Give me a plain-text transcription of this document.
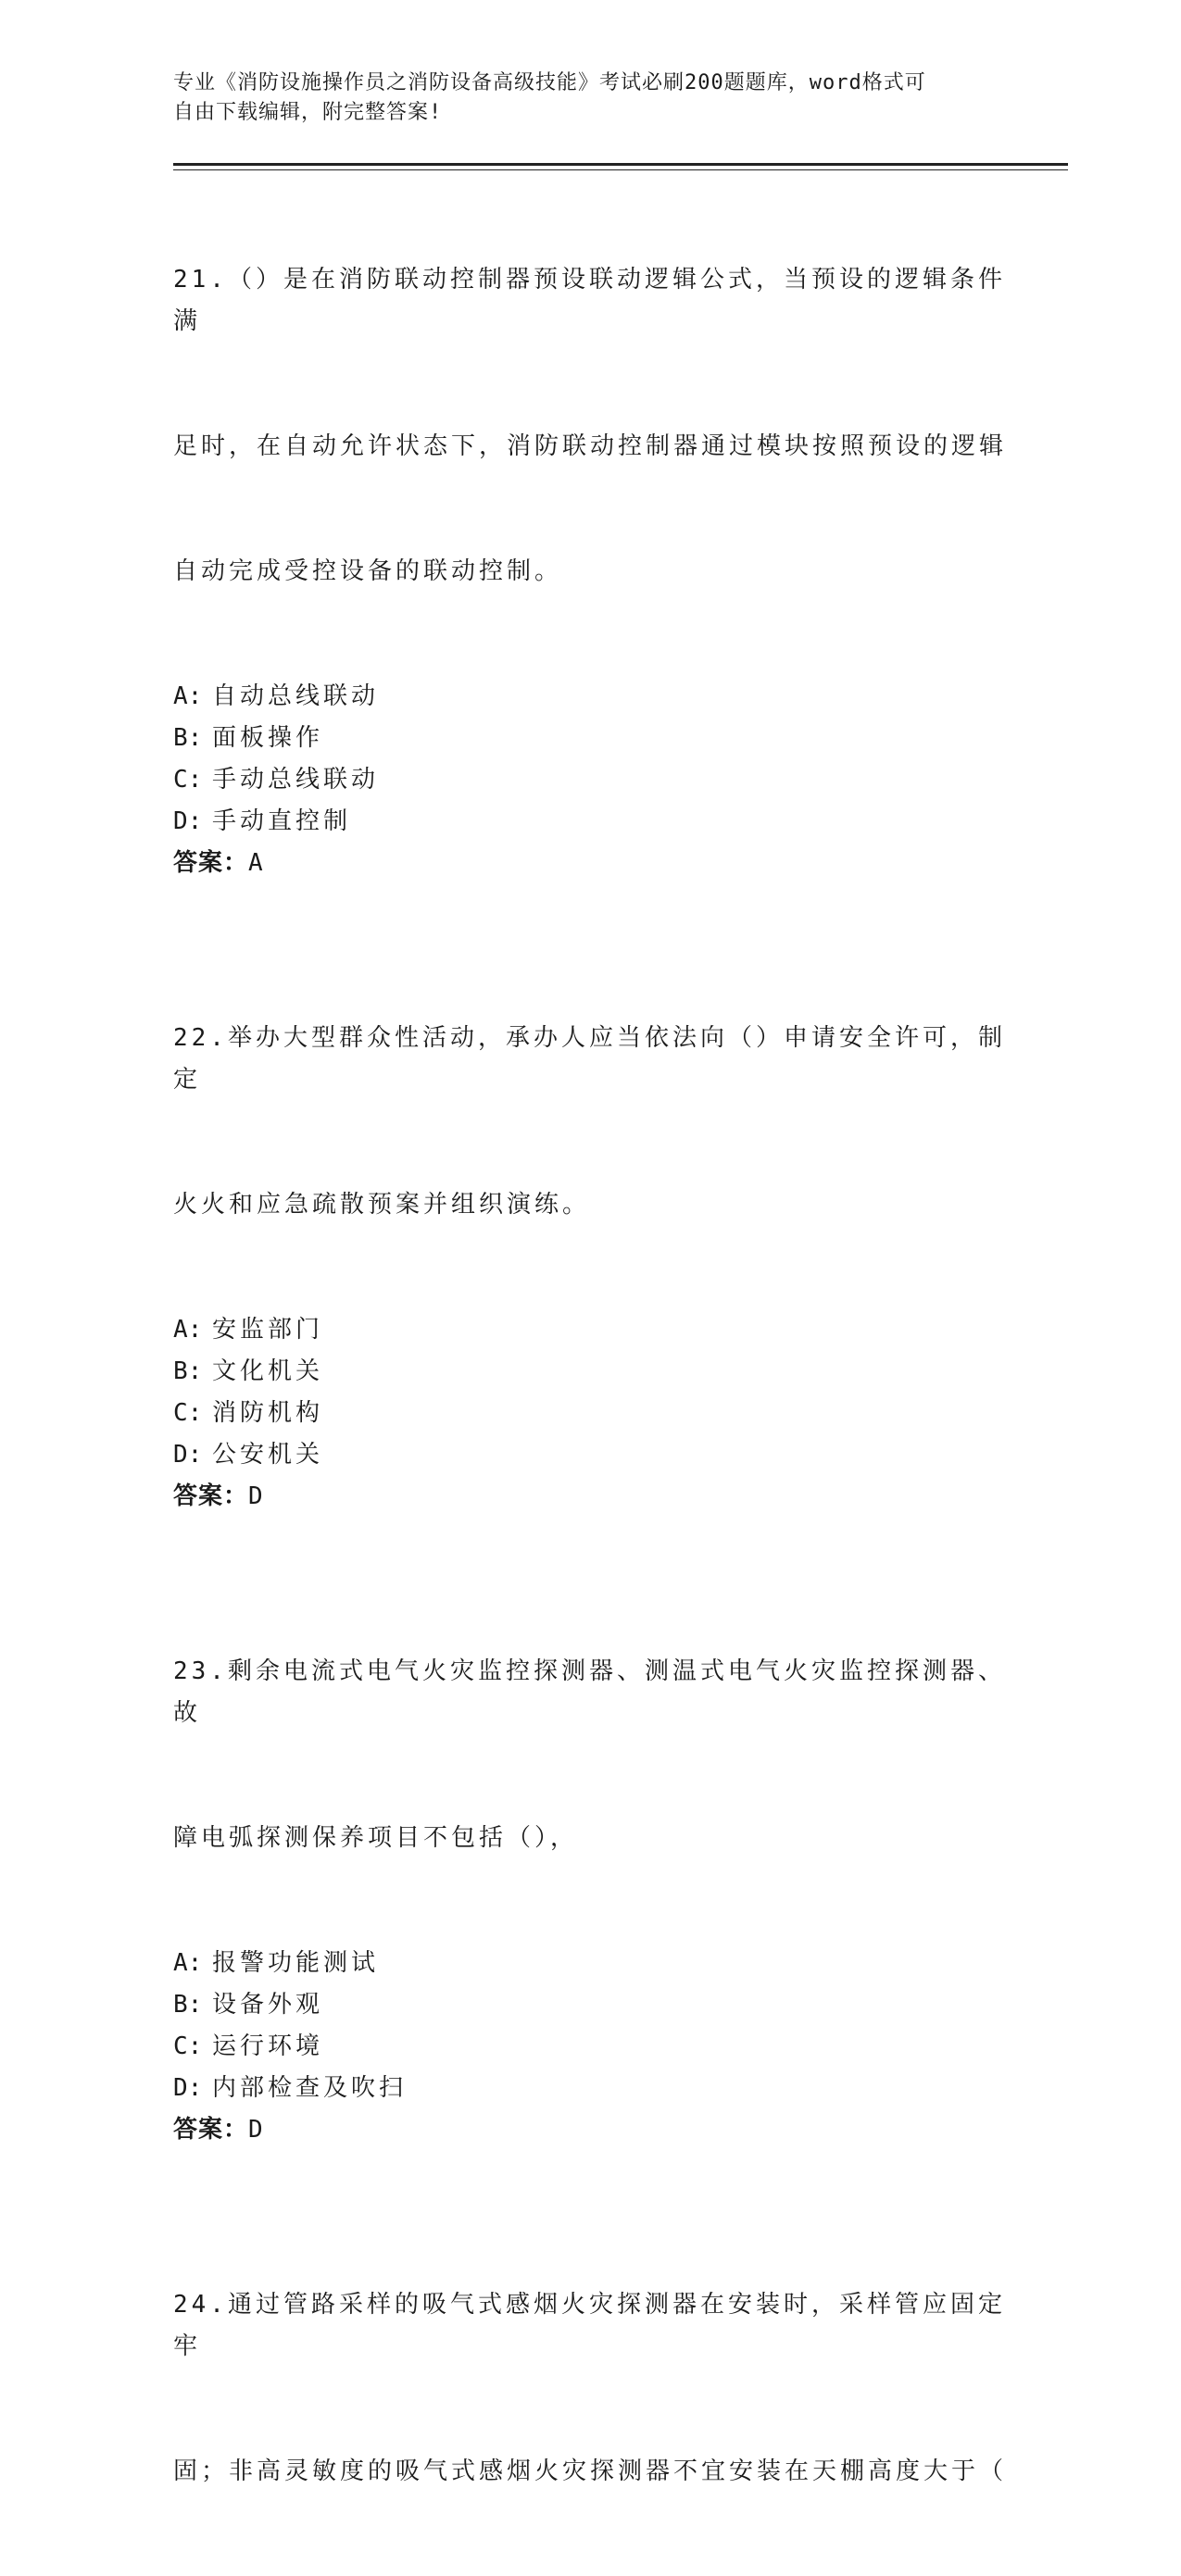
专业《消防设施操作员之消防设备高级技能》考试必刷200题题库，word格式可
自由下载编辑，附完整答案!

21.（）是在消防联动控制器预设联动逻辑公式，当预设的逻辑条件满

足时，在自动允许状态下，消防联动控制器通过模块按照预设的逻辑

自动完成受控设备的联动控制。

A: 自动总线联动
B: 面板操作
C: 手动总线联动
D: 手动直控制
答案：A

22.举办大型群众性活动，承办人应当依法向（）申请安全许可，制定

火火和应急疏散预案并组织演练。

A: 安监部门
B: 文化机关
C: 消防机构
D: 公安机关
答案：D

23.剩余电流式电气火灾监控探测器、测温式电气火灾监控探测器、故

障电弧探测保养项目不包括（），

A: 报警功能测试
B: 设备外观
C: 运行环境
D: 内部检查及吹扫
答案：D

24.通过管路采样的吸气式感烟火灾探测器在安装时，采样管应固定牢

固；非高灵敏度的吸气式感烟火灾探测器不宜安装在天棚高度大于（
